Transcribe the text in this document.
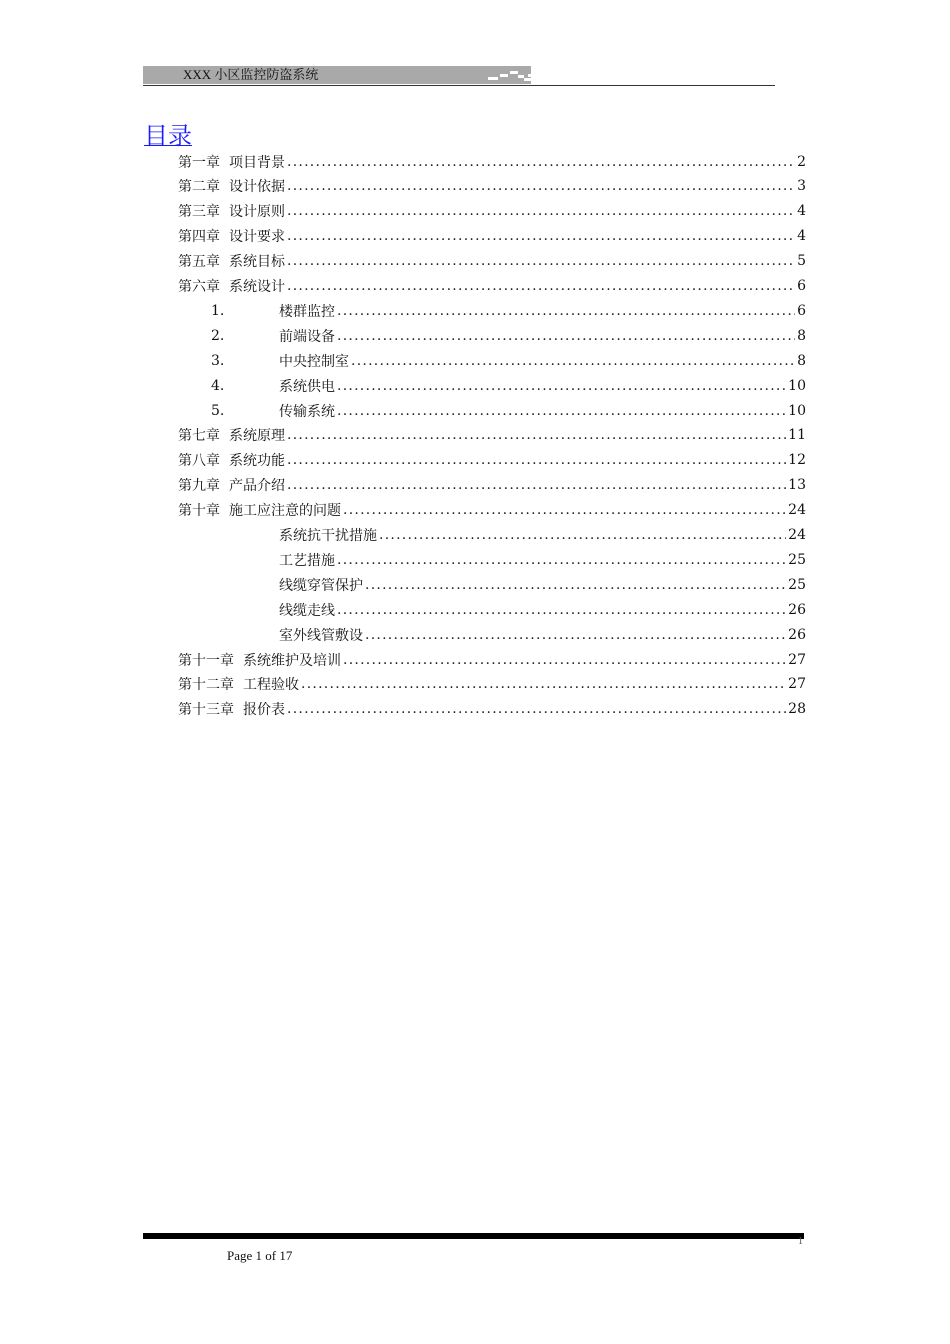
XXX 小区监控防盗系统
目录
第一章 项目背景 . . .	2
第二章 设计依据 . . .	3
第三章 设计原则 . . .	4
第四章 设计要求 . . .	4
第五章 系统目标 . . .	5
第六章 系统设计 . . .	6
1.	楼群监控 . . .	6
2.	前端设备 . . .	8
3.	中央控制室 . . .	8
4.	系统供电 . . .	10
5.	传输系统 . . .	10
第七章 系统原理 . . .	11
第八章 系统功能 . . .	12
第九章 产品介绍 . . .	13
第十章 施工应注意的问题 . . .	24
系统抗干扰措施 . . .	24
工艺措施 . . .	25
线缆穿管保护 . . .	25
线缆走线 . . .	26
室外线管敷设 . . .	26
第十一章 系统维护及培训 . . .	27
第十二章 工程验收 . . .	27
第十三章 报价表 . . .	28
Page 1 of 17
1
